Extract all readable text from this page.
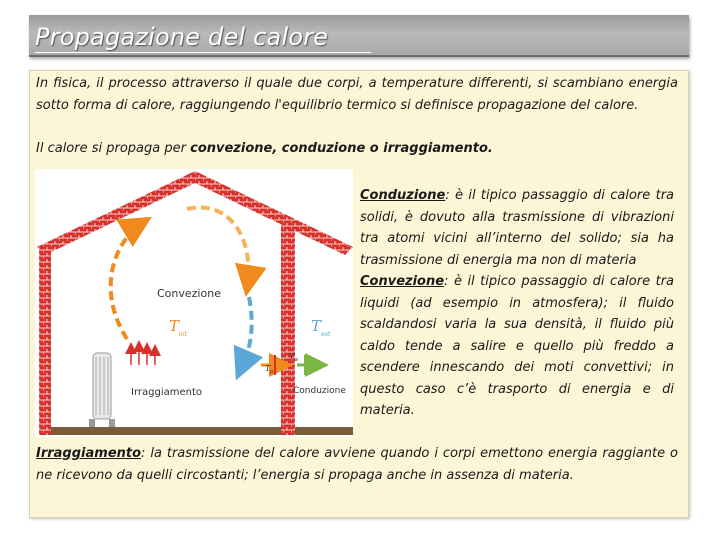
Propagazione del calore
In fisica, il processo attraverso il quale due corpi, a temperature differenti, si scambiano energia sotto forma di calore, raggiungendo l'equilibrio termico si definisce propagazione del calore.
Il calore si propaga per convezione, conduzione o irraggiamento.
Conduzione: è il tipico passaggio di calore tra solidi, è dovuto alla trasmissione di vibrazioni tra atomi vicini all’interno del solido; sia ha trasmissione di energia ma non di materia
Convezione: è il tipico passaggio di calore tra liquidi (ad esempio in atmosfera); il fluido scaldandosi varia la sua densità, il fluido più caldo tende a salire e quello più freddo a scendere innescando dei moti convettivi; in questo caso c’è trasporto di energia e di materia.
Irraggiamento: la trasmissione del calore avviene quando i corpi emettono energia raggiante o ne ricevono da quelli circostanti; l’energia si propaga anche in assenza di materia.
Convezione
Irraggiamento	Conduzione
T int	T ext
T p
T w
